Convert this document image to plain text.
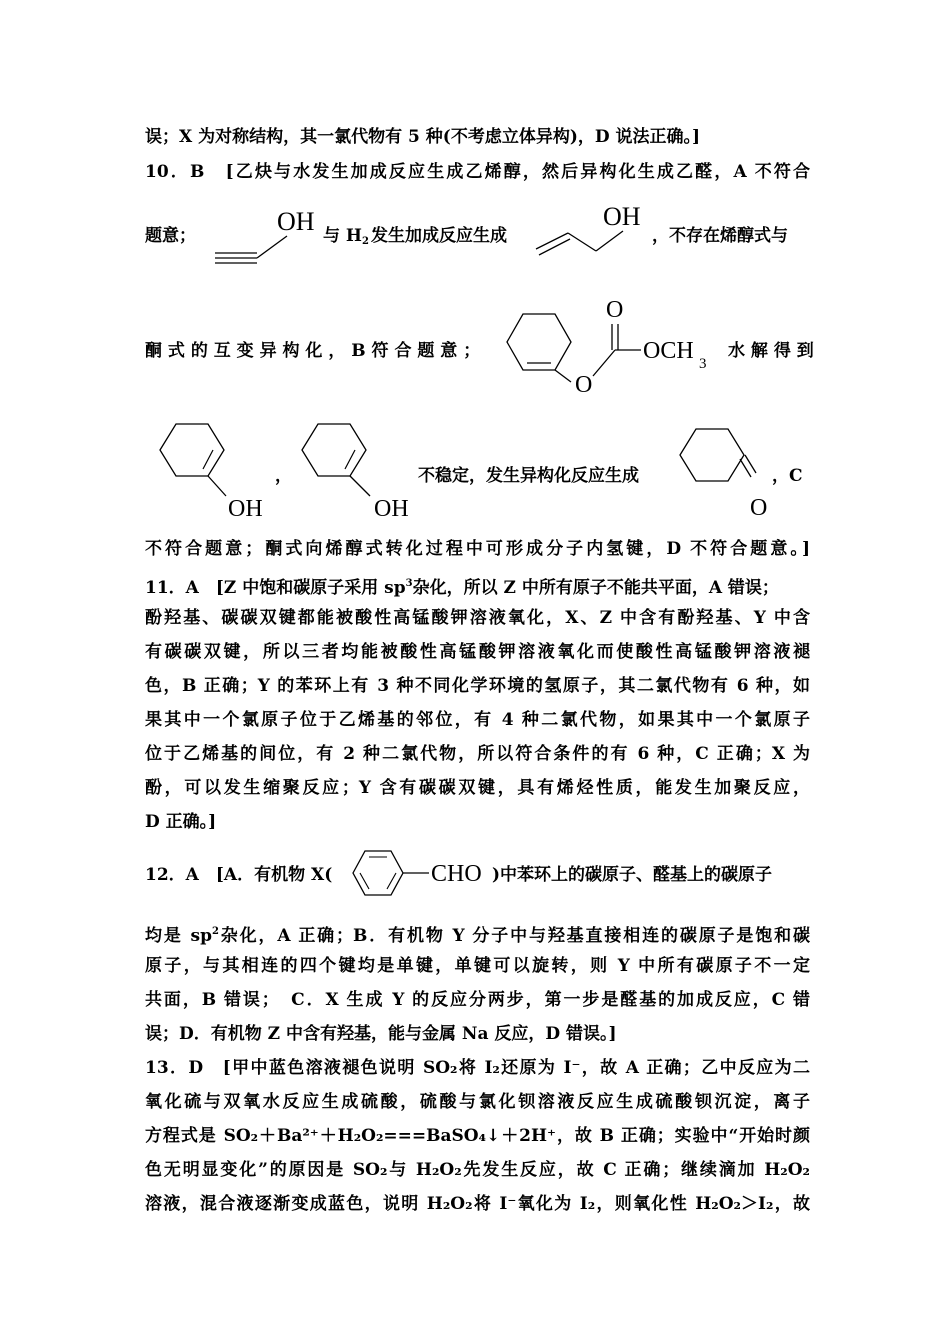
误；X 为对称结构，其一氯代物有 5 种(不考虑立体异构)，D 说法正确。]
10．B　[乙炔与水发生加成反应生成乙烯醇，然后异构化生成乙醛，A 不符合
题意；	OH 与 $H_2$ 发生加成反应生成
OH
，不存在烯醇式与
酮 式 的 互 变 异 构 化 ， B 符 合 题 意 ；
O
O
OCH 3
水 解 得 到
OH
，
OH
不稳定，发生异构化反应生成
O
，C
不符合题意；酮式向烯醇式转化过程中可形成分子内氢键，D 不符合题意。]
11．A　[Z 中饱和碳原子采用 $sp^3$杂化，所以 Z 中所有原子不能共平面，A 错误；
酚羟基、碳碳双键都能被酸性高锰酸钾溶液氧化，X、Z 中含有酚羟基、Y 中含
有碳碳双键，所以三者均能被酸性高锰酸钾溶液氧化而使酸性高锰酸钾溶液褪
色，B 正确；Y 的苯环上有 3 种不同化学环境的氢原子，其二氯代物有 6 种，如
果其中一个氯原子位于乙烯基的邻位，有 4 种二氯代物，如果其中一个氯原子
位于乙烯基的间位，有 2 种二氯代物，所以符合条件的有 6 种，C 正确；X 为
酚，可以发生缩聚反应；Y 含有碳碳双键，具有烯烃性质，能发生加聚反应，
D 正确。]
12．A　[A．有机物 X(	CHO )中苯环上的碳原子、醛基上的碳原子
均是 $sp^2$杂化，A 正确；B．有机物 Y 分子中与羟基直接相连的碳原子是饱和碳
原子，与其相连的四个键均是单键，单键可以旋转，则 Y 中所有碳原子不一定
共面，B 错误；　C．X 生成 Y 的反应分两步，第一步是醛基的加成反应，C 错
误；D．有机物 Z 中含有羟基，能与金属 Na 反应，D 错误。]
13．D　[甲中蓝色溶液褪色说明 SO₂将 I₂还原为 I⁻，故 A 正确；乙中反应为二
氧化硫与双氧水反应生成硫酸，硫酸与氯化钡溶液反应生成硫酸钡沉淀，离子
方程式是 SO₂＋Ba²⁺＋H₂O₂===BaSO₄↓＋2H⁺，故 B 正确；实验中“开始时颜
色无明显变化”的原因是 SO₂与 H₂O₂先发生反应，故 C 正确；继续滴加 H₂O₂
溶液，混合液逐渐变成蓝色，说明 H₂O₂将 I⁻氧化为 I₂，则氧化性 H₂O₂＞I₂，故
